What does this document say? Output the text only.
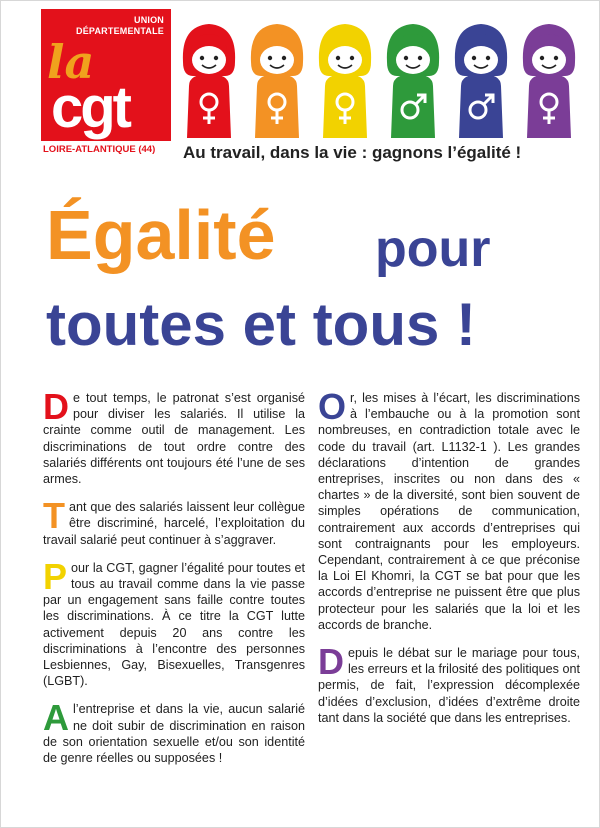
UNION
DÉPARTEMENTALE
la
cgt
LOIRE-ATLANTIQUE (44) Au travail, dans la vie : gagnons l’égalité !
Égalité pour
toutes et tous !

D e tout temps, le patronat s’est organisé pour diviser les salariés. Il utilise la crainte comme outil de management. Les discriminations de tout ordre contre des salariés différents ont toujours été l’une de ses armes.

T ant que des salariés laissent leur collègue être discriminé, harcelé, l’exploitation du travail salarié peut continuer à s’aggraver.

P our la CGT, gagner l’égalité pour toutes et tous au travail comme dans la vie passe par un engagement sans faille contre toutes les discriminations. À ce titre la CGT lutte activement depuis 20 ans contre les discriminations à l’encontre des personnes Lesbiennes, Gay, Bisexuelles, Transgenres (LGBT).

A l’entreprise et dans la vie, aucun salarié ne doit subir de discrimination en raison de son orientation sexuelle et/ou son identité de genre réelles ou supposées !

O r, les mises à l’écart, les discriminations à l’embauche ou à la promotion sont nombreuses, en contradiction totale avec le code du travail (art. L1132-1 ). Les grandes déclarations d’intention de grandes entreprises, inscrites ou non dans des « chartes » de la diversité, sont bien souvent de simples opérations de communication, contrairement aux accords d’entreprises qui sont contraignants pour les employeurs. Cependant, contrairement à ce que préconise la Loi El Khomri, la CGT se bat pour que les accords d’entreprise ne puissent être que plus protecteur pour les salariés que la loi et les accords de branche.

D epuis le débat sur le mariage pour tous, les erreurs et la frilosité des politiques ont permis, de fait, l’expression décomplexée d’idées d’exclusion, d’idées d’extrême droite tant dans la société que dans les entreprises.
